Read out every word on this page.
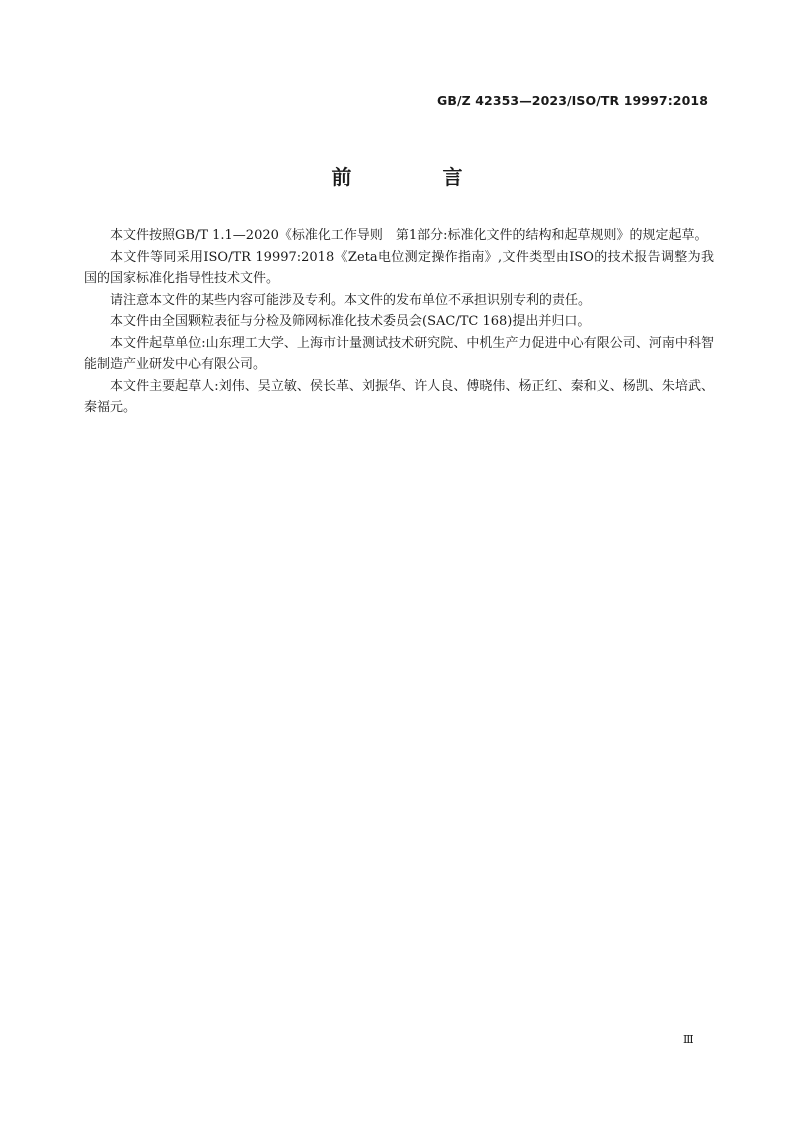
GB/Z 42353—2023/ISO/TR 19997:2018
前 言

本文件按照GB/T 1.1—2020《标准化工作导则　第1部分:标准化文件的结构和起草规则》的规定起草。

本文件等同采用ISO/TR 19997:2018《Zeta电位测定操作指南》,文件类型由ISO的技术报告调整为我国的国家标准化指导性技术文件。

请注意本文件的某些内容可能涉及专利。本文件的发布单位不承担识别专利的责任。

本文件由全国颗粒表征与分检及筛网标准化技术委员会(SAC/TC 168)提出并归口。

本文件起草单位:山东理工大学、上海市计量测试技术研究院、中机生产力促进中心有限公司、河南中科智能制造产业研发中心有限公司。

本文件主要起草人:刘伟、吴立敏、侯长革、刘振华、许人良、傅晓伟、杨正红、秦和义、杨凯、朱培武、秦福元。

Ⅲ
